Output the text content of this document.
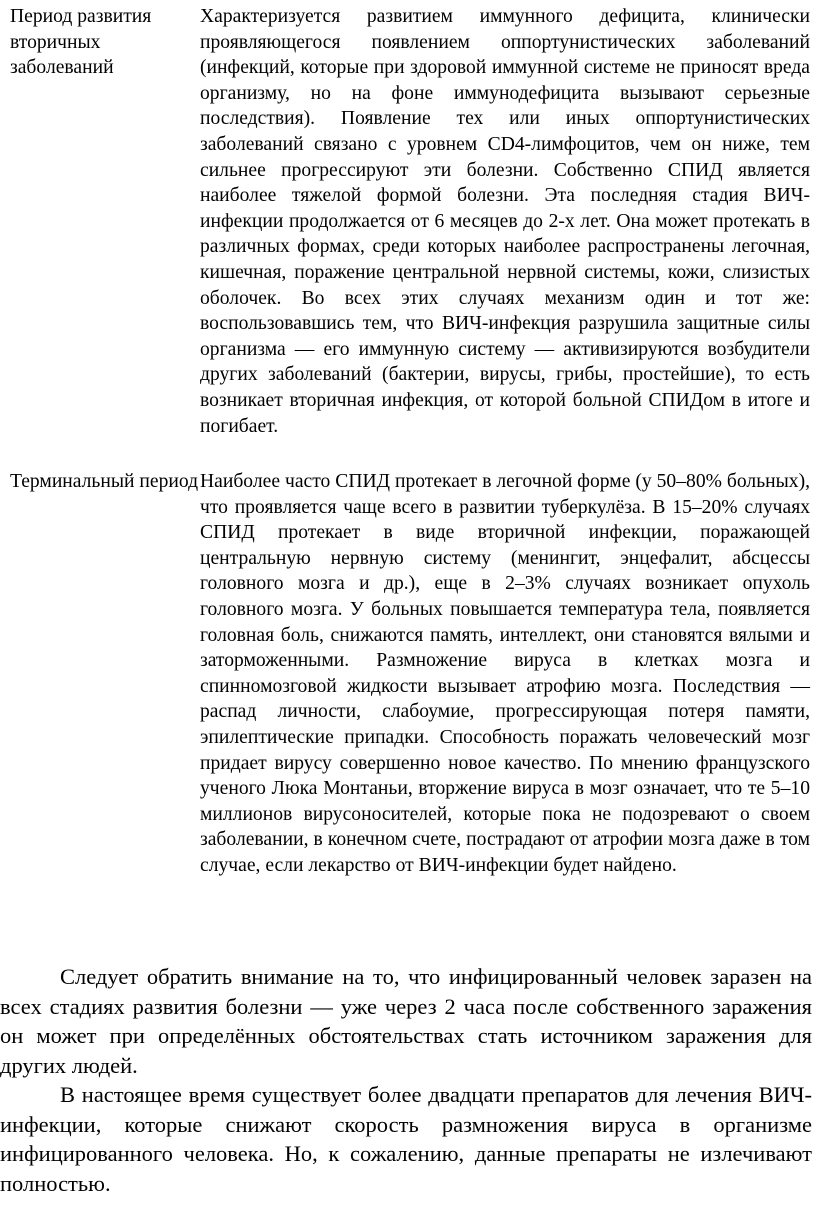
Период развития вторичных заболеваний	Характеризуется развитием иммунного дефицита, клинически проявляющегося появлением оппортунистических заболеваний (инфекций, которые при здоровой иммунной системе не приносят вреда организму, но на фоне иммунодефицита вызывают серьезные последствия). Появление тех или иных оппортунистических заболеваний связано с уровнем CD4-лимфоцитов, чем он ниже, тем сильнее прогрессируют эти болезни. Собственно СПИД является наиболее тяжелой формой болезни. Эта последняя стадия ВИЧ-инфекции продолжается от 6 месяцев до 2-х лет. Она может протекать в различных формах, среди которых наиболее распространены легочная, кишечная, поражение центральной нервной системы, кожи, слизистых оболочек. Во всех этих случаях механизм один и тот же: воспользовавшись тем, что ВИЧ-инфекция разрушила защитные силы организма — его иммунную систему — активизируются возбудители других заболеваний (бактерии, вирусы, грибы, простейшие), то есть возникает вторичная инфекция, от которой больной СПИДом в итоге и погибает.
Терминальный период	Наиболее часто СПИД протекает в легочной форме (у 50–80% больных), что проявляется чаще всего в развитии туберкулёза. В 15–20% случаях СПИД протекает в виде вторичной инфекции, поражающей центральную нервную систему (менингит, энцефалит, абсцессы головного мозга и др.), еще в 2–3% случаях возникает опухоль головного мозга. У больных повышается температура тела, появляется головная боль, снижаются память, интеллект, они становятся вялыми и заторможенными. Размножение вируса в клетках мозга и спинномозговой жидкости вызывает атрофию мозга. Последствия — распад личности, слабоумие, прогрессирующая потеря памяти, эпилептические припадки. Способность поражать человеческий мозг придает вирусу совершенно новое качество. По мнению французского ученого Люка Монтаньи, вторжение вируса в мозг означает, что те 5–10 миллионов вирусоносителей, которые пока не подозревают о своем заболевании, в конечном счете, пострадают от атрофии мозга даже в том случае, если лекарство от ВИЧ-инфекции будет найдено.

Следует обратить внимание на то, что инфицированный человек заразен на всех стадиях развития болезни — уже через 2 часа после собственного заражения он может при определённых обстоятельствах стать источником заражения для других людей.

В настоящее время существует более двадцати препаратов для лечения ВИЧ-инфекции, которые снижают скорость размножения вируса в организме инфицированного человека. Но, к сожалению, данные препараты не излечивают полностью.
